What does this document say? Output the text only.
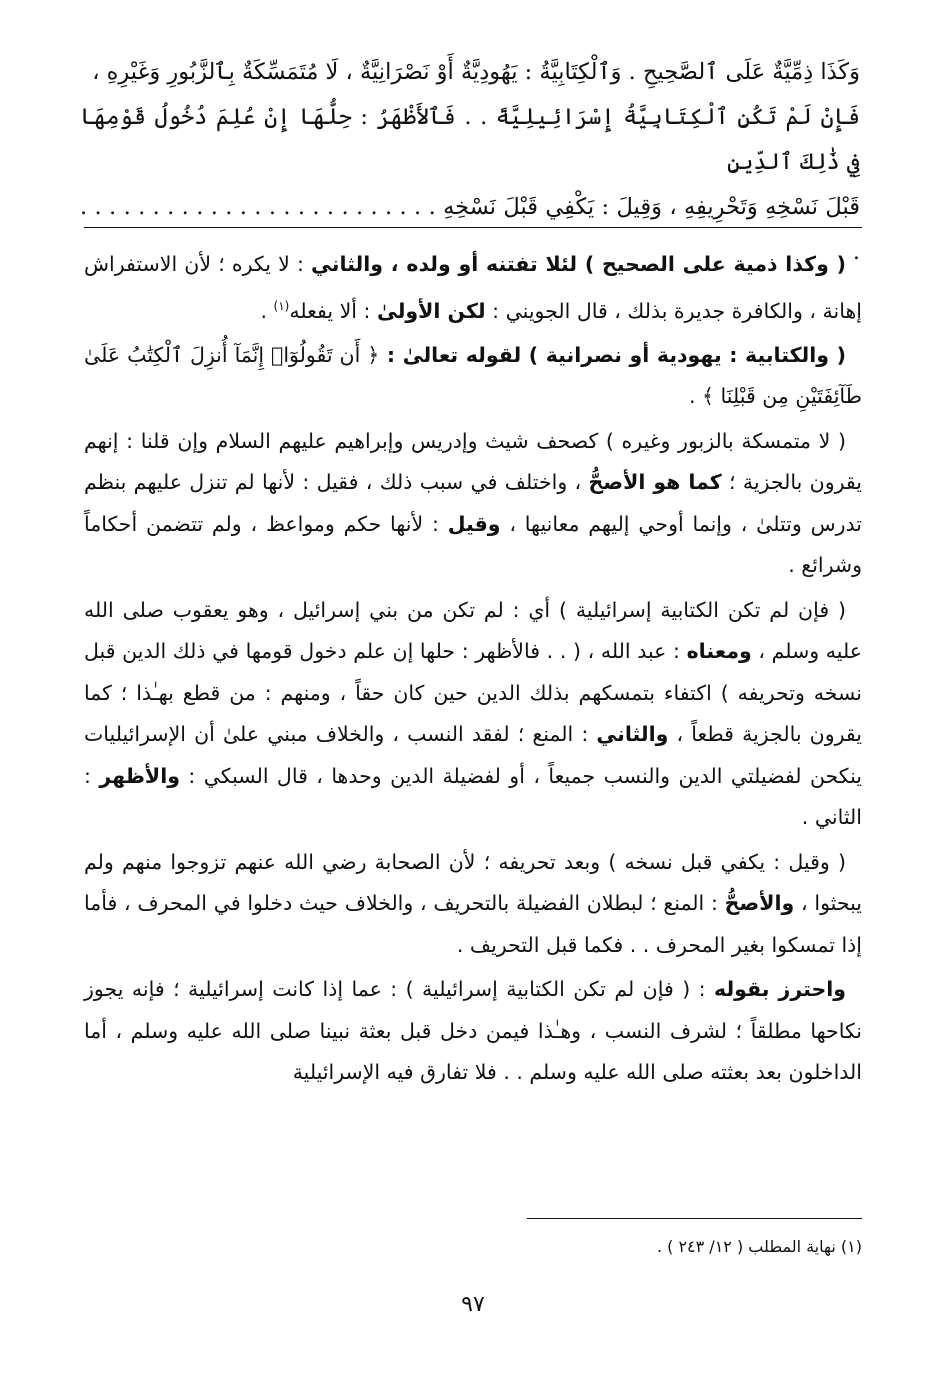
وَكَذَا ذِمِّيَّةٌ عَلَى ٱلصَّحِيحِ . وَٱلْكِتَابِيَّةُ : يَهُودِيَّةٌ أَوْ نَصْرَانِيَّةٌ ، لَا مُتَمَسِّكَةٌ بِٱلزَّبُورِ وَغَيْرِهِ ،

فَإِنْ لَمْ تَكُنِ ٱلْكِتَابِيَّةُ إِسْرَائِيلِيَّةً . . فَٱلأَظْهَرُ : حِلُّهَا إِنْ عُلِمَ دُخُولُ قَوْمِهَا فِي ذَٰلِكَ ٱلدِّينِ

قَبْلَ نَسْخِهِ وَتَحْرِيفِهِ ، وَقِيلَ : يَكْفِي قَبْلَ نَسْخِهِ . . . . . . . . . . . . . . . . . . . . . . . . . .

( وكذا ذمية على الصحيح ) لئلا تفتنه أو ولده ، والثاني : لا يكره ؛ لأن الاستفراش إهانة ، والكافرة جديرة بذلك ، قال الجويني : لكن الأولىٰ : ألا يفعله$^{(١)}$ .

( والكتابية : يهودية أو نصرانية ) لقوله تعالىٰ : ﴿ أَن تَقُولُوٓا۟ إِنَّمَآ أُنزِلَ ٱلْكِتَٰبُ عَلَىٰ طَآئِفَتَيْنِ مِن قَبْلِنَا ﴾ .

( لا متمسكة بالزبور وغيره ) كصحف شيث وإدريس وإبراهيم عليهم السلام وإن قلنا : إنهم يقرون بالجزية ؛ كما هو الأصحُّ ، واختلف في سبب ذلك ، فقيل : لأنها لم تنزل عليهم بنظم تدرس وتتلىٰ ، وإنما أوحي إليهم معانيها ، وقيل : لأنها حكم ومواعظ ، ولم تتضمن أحكاماً وشرائع .

( فإن لم تكن الكتابية إسرائيلية ) أي : لم تكن من بني إسرائيل ، وهو يعقوب صلى الله عليه وسلم ، ومعناه : عبد الله ، ( . . فالأظهر : حلها إن علم دخول قومها في ذلك الدين قبل نسخه وتحريفه ) اكتفاء بتمسكهم بذلك الدين حين كان حقاً ، ومنهم : من قطع بهـٰذا ؛ كما يقرون بالجزية قطعاً ، والثاني : المنع ؛ لفقد النسب ، والخلاف مبني علىٰ أن الإسرائيليات ينكحن لفضيلتي الدين والنسب جميعاً ، أو لفضيلة الدين وحدها ، قال السبكي : والأظهر : الثاني .

( وقيل : يكفي قبل نسخه ) وبعد تحريفه ؛ لأن الصحابة رضي الله عنهم تزوجوا منهم ولم يبحثوا ، والأصحُّ : المنع ؛ لبطلان الفضيلة بالتحريف ، والخلاف حيث دخلوا في المحرف ، فأما إذا تمسكوا بغير المحرف . . فكما قبل التحريف .

واحترز بقوله : ( فإن لم تكن الكتابية إسرائيلية ) : عما إذا كانت إسرائيلية ؛ فإنه يجوز نكاحها مطلقاً ؛ لشرف النسب ، وهـٰذا فيمن دخل قبل بعثة نبينا صلى الله عليه وسلم ، أما الداخلون بعد بعثته صلى الله عليه وسلم . . فلا تفارق فيه الإسرائيلية

(١) نهاية المطلب ( ١٢/ ٢٤٣ ) .
٩٧
